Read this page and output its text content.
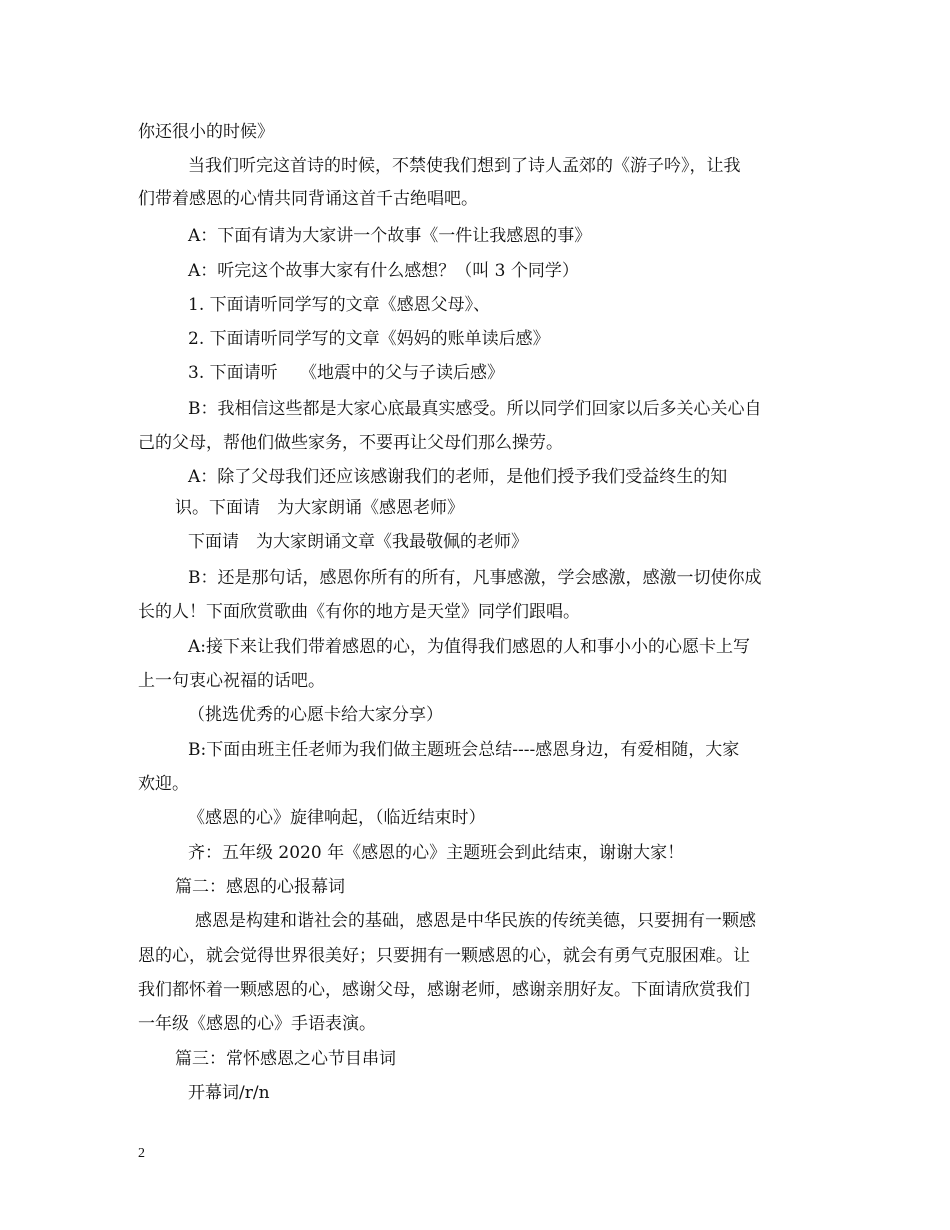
你还很小的时候》
当我们听完这首诗的时候，不禁使我们想到了诗人孟郊的《游子吟》，让我
们带着感恩的心情共同背诵这首千古绝唱吧。
A：下面有请为大家讲一个故事《一件让我感恩的事》
A：听完这个故事大家有什么感想？（叫 3 个同学）
1. 下面请听同学写的文章《感恩父母》、
2. 下面请听同学写的文章《妈妈的账单读后感》
3. 下面请听　 《地震中的父与子读后感》
B：我相信这些都是大家心底最真实感受。所以同学们回家以后多关心关心自
己的父母，帮他们做些家务，不要再让父母们那么操劳。
A：除了父母我们还应该感谢我们的老师，是他们授予我们受益终生的知
识。下面请　为大家朗诵《感恩老师》
下面请　为大家朗诵文章《我最敬佩的老师》
B：还是那句话，感恩你所有的所有，凡事感激，学会感激，感激一切使你成
长的人！下面欣赏歌曲《有你的地方是天堂》同学们跟唱。
A:接下来让我们带着感恩的心，为值得我们感恩的人和事小小的心愿卡上写
上一句衷心祝福的话吧。
（挑选优秀的心愿卡给大家分享）
B:下面由班主任老师为我们做主题班会总结----感恩身边，有爱相随，大家
欢迎。
《感恩的心》旋律响起，（临近结束时）
齐：五年级 2020 年《感恩的心》主题班会到此结束，谢谢大家！
篇二：感恩的心报幕词
感恩是构建和谐社会的基础，感恩是中华民族的传统美德，只要拥有一颗感
恩的心，就会觉得世界很美好；只要拥有一颗感恩的心，就会有勇气克服困难。让
我们都怀着一颗感恩的心，感谢父母，感谢老师，感谢亲朋好友。下面请欣赏我们
一年级《感恩的心》手语表演。
篇三：常怀感恩之心节目串词
开幕词/r/n
2
